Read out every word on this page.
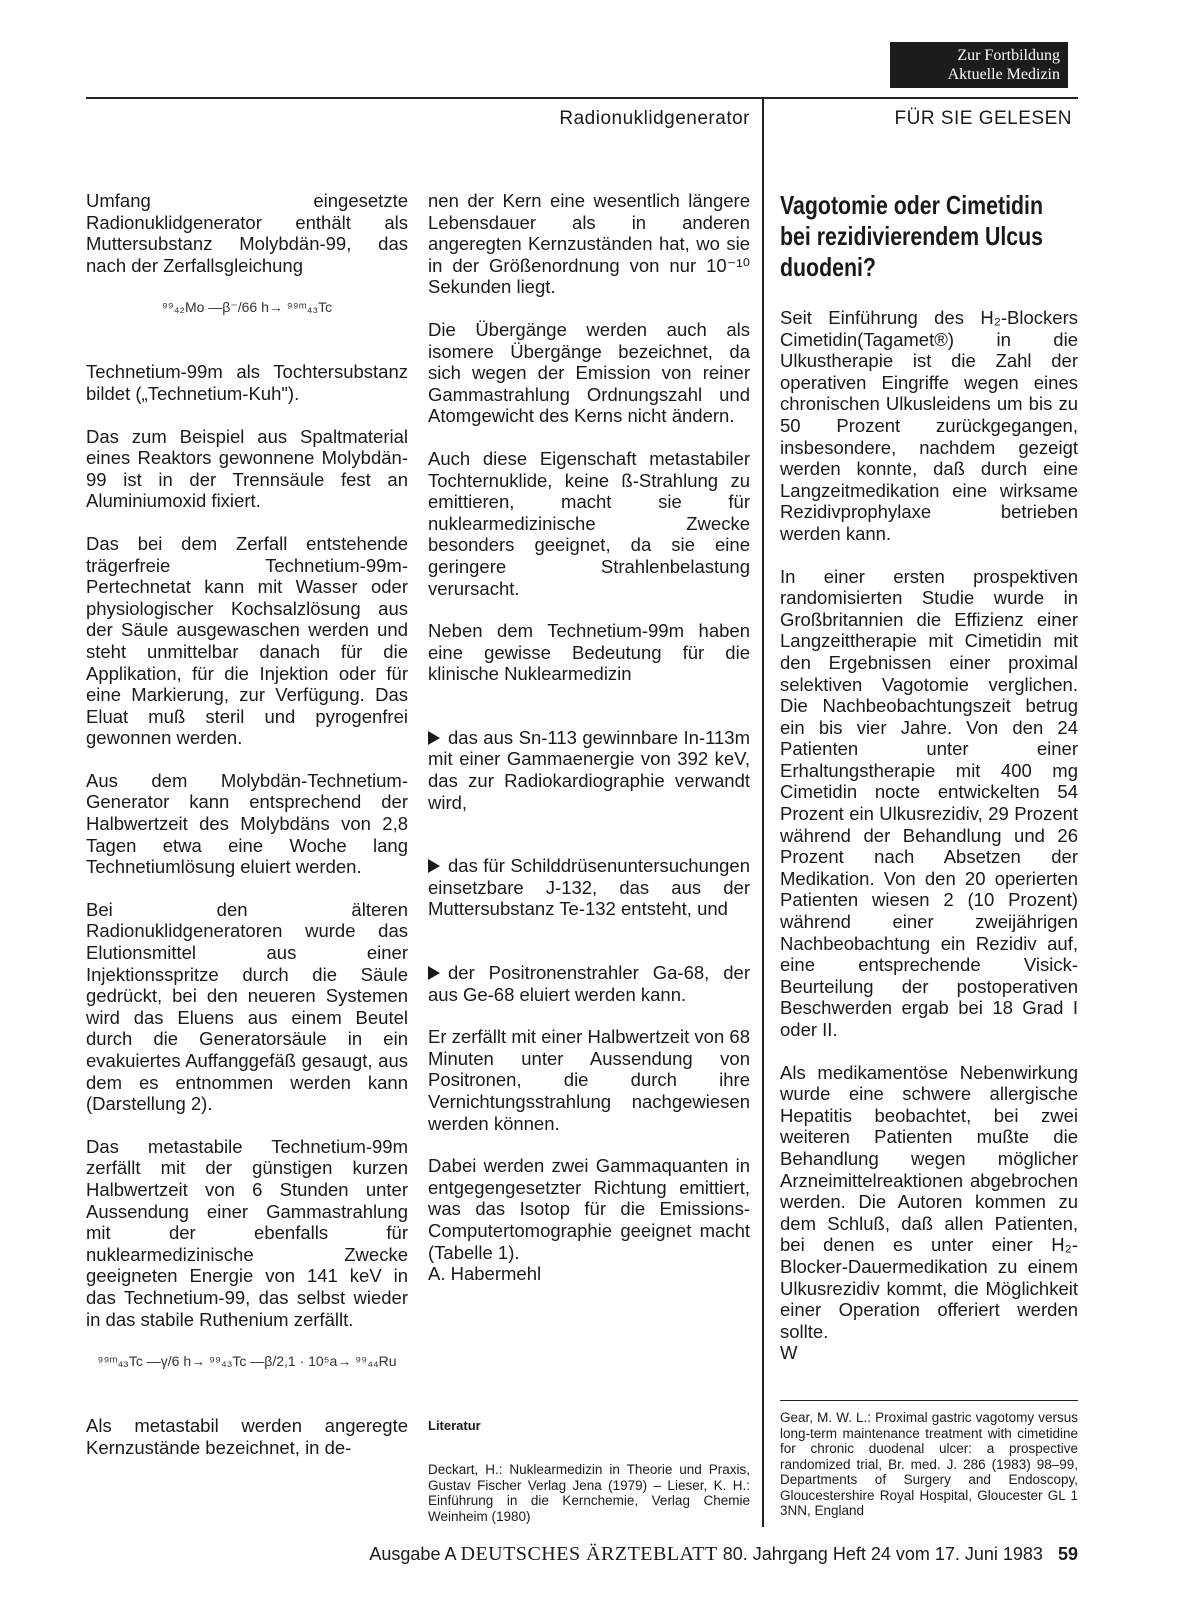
Zur Fortbildung
Aktuelle Medizin
Radionuklidgenerator	FÜR SIE GELESEN

Umfang eingesetzte Radionuklidgenerator enthält als Muttersubstanz Molybdän-99, das nach der Zerfallsgleichung

⁹⁹₄₂Mo —β⁻/66 h→ ⁹⁹ᵐ₄₃Tc

Technetium-99m als Tochtersubstanz bildet („Technetium-Kuh").

Das zum Beispiel aus Spaltmaterial eines Reaktors gewonnene Molybdän-99 ist in der Trennsäule fest an Aluminiumoxid fixiert.

Das bei dem Zerfall entstehende trägerfreie Technetium-99m-Pertechnetat kann mit Wasser oder physiologischer Kochsalzlösung aus der Säule ausgewaschen werden und steht unmittelbar danach für die Applikation, für die Injektion oder für eine Markierung, zur Verfügung. Das Eluat muß steril und pyrogenfrei gewonnen werden.

Aus dem Molybdän-Technetium-Generator kann entsprechend der Halbwertzeit des Molybdäns von 2,8 Tagen etwa eine Woche lang Technetiumlösung eluiert werden.

Bei den älteren Radionuklidgeneratoren wurde das Elutionsmittel aus einer Injektionsspritze durch die Säule gedrückt, bei den neueren Systemen wird das Eluens aus einem Beutel durch die Generatorsäule in ein evakuiertes Auffanggefäß gesaugt, aus dem es entnommen werden kann (Darstellung 2).

Das metastabile Technetium-99m zerfällt mit der günstigen kurzen Halbwertzeit von 6 Stunden unter Aussendung einer Gammastrahlung mit der ebenfalls für nuklearmedizinische Zwecke geeigneten Energie von 141 keV in das Technetium-99, das selbst wieder in das stabile Ruthenium zerfällt.

⁹⁹ᵐ₄₃Tc —γ/6 h→ ⁹⁹₄₃Tc —β/2,1 · 10⁵a→ ⁹⁹₄₄Ru

Als metastabil werden angeregte Kernzustände bezeichnet, in de-

nen der Kern eine wesentlich längere Lebensdauer als in anderen angeregten Kernzuständen hat, wo sie in der Größenordnung von nur 10⁻¹⁰ Sekunden liegt.

Die Übergänge werden auch als isomere Übergänge bezeichnet, da sich wegen der Emission von reiner Gammastrahlung Ordnungszahl und Atomgewicht des Kerns nicht ändern.

Auch diese Eigenschaft metastabiler Tochternuklide, keine ß-Strahlung zu emittieren, macht sie für nuklearmedizinische Zwecke besonders geeignet, da sie eine geringere Strahlenbelastung verursacht.

Neben dem Technetium-99m haben eine gewisse Bedeutung für die klinische Nuklearmedizin

das aus Sn-113 gewinnbare In-113m mit einer Gammaenergie von 392 keV, das zur Radiokardiographie verwandt wird,

das für Schilddrüsenuntersuchungen einsetzbare J-132, das aus der Muttersubstanz Te-132 entsteht, und

der Positronenstrahler Ga-68, der aus Ge-68 eluiert werden kann.

Er zerfällt mit einer Halbwertzeit von 68 Minuten unter Aussendung von Positronen, die durch ihre Vernichtungsstrahlung nachgewiesen werden können.

Dabei werden zwei Gammaquanten in entgegengesetzter Richtung emittiert, was das Isotop für die Emissions-Computertomographie geeignet macht (Tabelle 1).

A. Habermehl

Literatur
Deckart, H.: Nuklearmedizin in Theorie und Praxis, Gustav Fischer Verlag Jena (1979) – Lieser, K. H.: Einführung in die Kernchemie, Verlag Chemie Weinheim (1980)
Vagotomie oder Cimetidin bei rezidivierendem Ulcus duodeni?

Seit Einführung des H₂-Blockers Cimetidin(Tagamet®) in die Ulkustherapie ist die Zahl der operativen Eingriffe wegen eines chronischen Ulkusleidens um bis zu 50 Prozent zurückgegangen, insbesondere, nachdem gezeigt werden konnte, daß durch eine Langzeitmedikation eine wirksame Rezidivprophylaxe betrieben werden kann.

In einer ersten prospektiven randomisierten Studie wurde in Großbritannien die Effizienz einer Langzeittherapie mit Cimetidin mit den Ergebnissen einer proximal selektiven Vagotomie verglichen. Die Nachbeobachtungszeit betrug ein bis vier Jahre. Von den 24 Patienten unter einer Erhaltungstherapie mit 400 mg Cimetidin nocte entwickelten 54 Prozent ein Ulkusrezidiv, 29 Prozent während der Behandlung und 26 Prozent nach Absetzen der Medikation. Von den 20 operierten Patienten wiesen 2 (10 Prozent) während einer zweijährigen Nachbeobachtung ein Rezidiv auf, eine entsprechende Visick-Beurteilung der postoperativen Beschwerden ergab bei 18 Grad I oder II.

Als medikamentöse Nebenwirkung wurde eine schwere allergische Hepatitis beobachtet, bei zwei weiteren Patienten mußte die Behandlung wegen möglicher Arzneimittelreaktionen abgebrochen werden. Die Autoren kommen zu dem Schluß, daß allen Patienten, bei denen es unter einer H₂-Blocker-Dauermedikation zu einem Ulkusrezidiv kommt, die Möglichkeit einer Operation offeriert werden sollte.

W

Gear, M. W. L.: Proximal gastric vagotomy versus long-term maintenance treatment with cimetidine for chronic duodenal ulcer: a prospective randomized trial, Br. med. J. 286 (1983) 98–99, Departments of Surgery and Endoscopy, Gloucestershire Royal Hospital, Gloucester GL 1 3NN, England
Ausgabe A DEUTSCHES ÄRZTEBLATT 80. Jahrgang Heft 24 vom 17. Juni 1983 59
